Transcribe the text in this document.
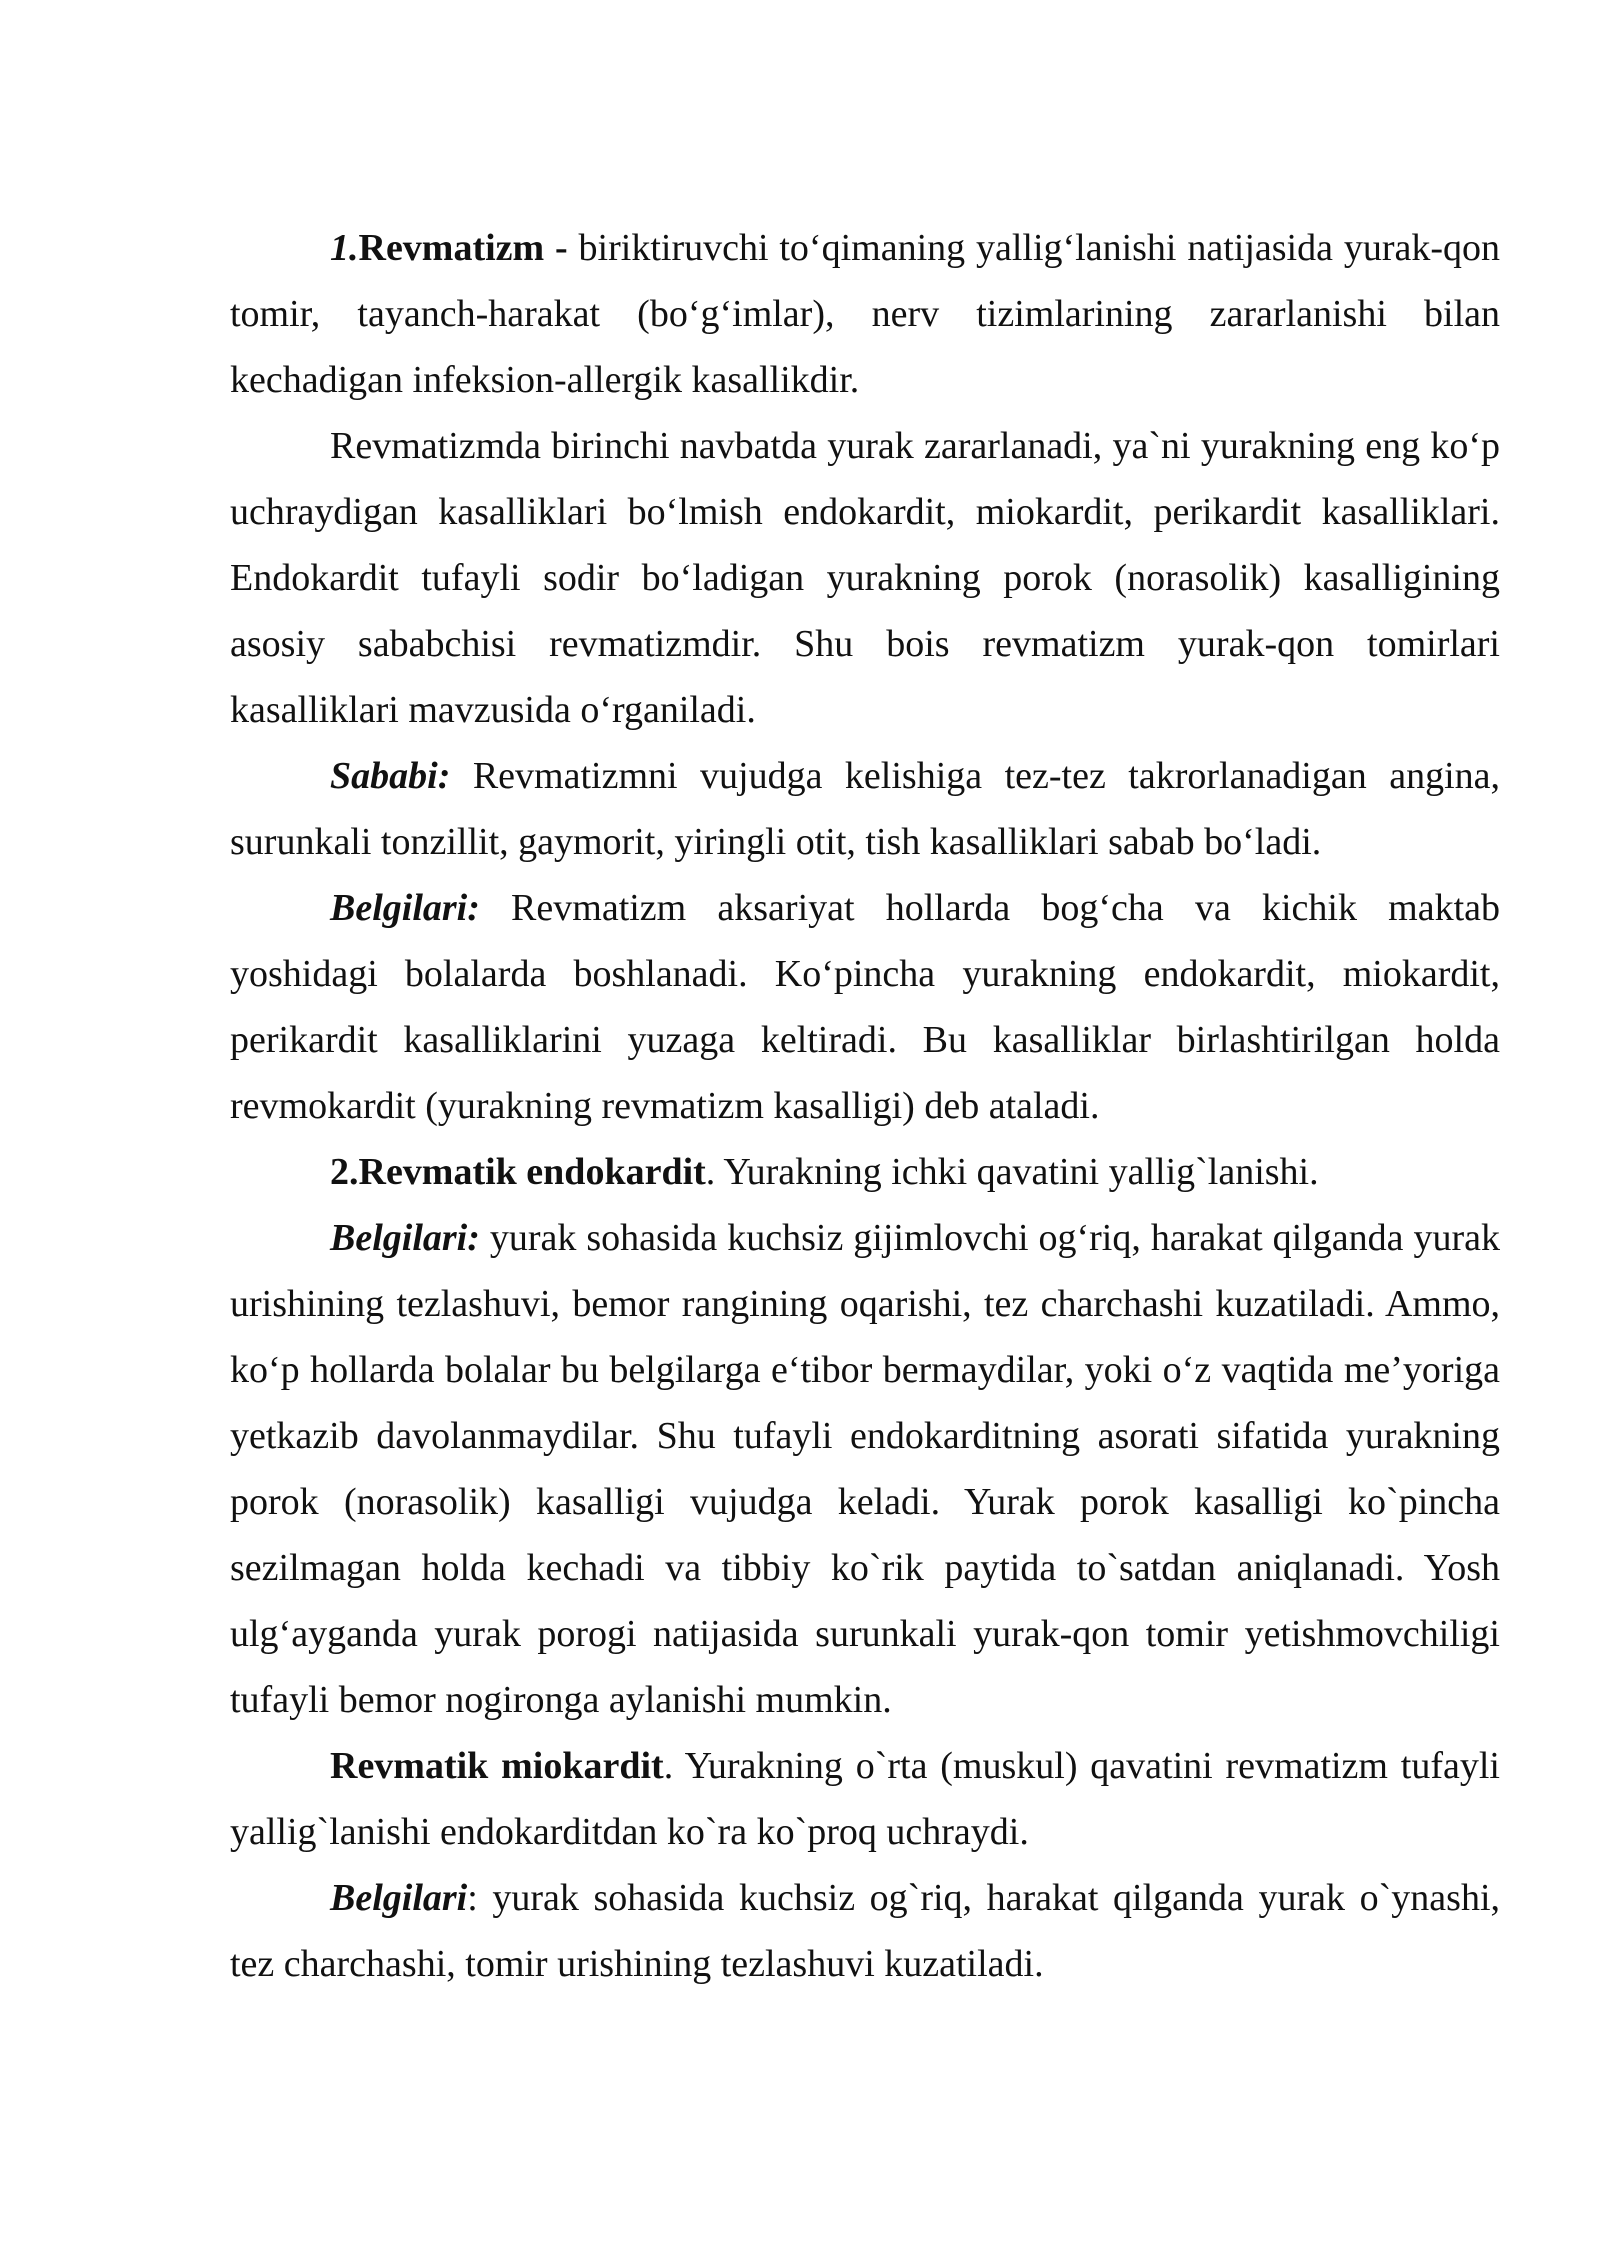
1.Revmatizm - biriktiruvchi to‘qimaning yallig‘lanishi natijasida yurak-qon tomir, tayanch-harakat (bo‘g‘imlar), nerv tizimlarining zararlanishi bilan kechadigan infeksion-allergik kasallikdir.

Revmatizmda birinchi navbatda yurak zararlanadi, ya`ni yurakning eng ko‘p uchraydigan kasalliklari bo‘lmish endokardit, miokardit, perikardit kasalliklari. Endokardit tufayli sodir bo‘ladigan yurakning porok (norasolik) kasalligining asosiy sababchisi revmatizmdir. Shu bois revmatizm yurak-qon tomirlari kasalliklari mavzusida o‘rganiladi.

Sababi: Revmatizmni vujudga kelishiga tez-tez takrorlanadigan angina, surunkali tonzillit, gaymorit, yiringli otit, tish kasalliklari sabab bo‘ladi.

Belgilari: Revmatizm aksariyat hollarda bog‘cha va kichik maktab yoshidagi bolalarda boshlanadi. Ko‘pincha yurakning endokardit, miokardit, perikardit kasalliklarini yuzaga keltiradi. Bu kasalliklar birlashtirilgan holda revmokardit (yurakning revmatizm kasalligi) deb ataladi.

2.Revmatik endokardit. Yurakning ichki qavatini yallig`lanishi.

Belgilari: yurak sohasida kuchsiz gijimlovchi og‘riq, harakat qilganda yurak urishining tezlashuvi, bemor rangining oqarishi, tez charchashi kuzatiladi. Ammo, ko‘p hollarda bolalar bu belgilarga e‘tibor bermaydilar, yoki o‘z vaqtida me’yoriga yetkazib davolanmaydilar. Shu tufayli endokarditning asorati sifatida yurakning porok (norasolik) kasalligi vujudga keladi. Yurak porok kasalligi ko`pincha sezilmagan holda kechadi va tibbiy ko`rik paytida to`satdan aniqlanadi. Yosh ulg‘ayganda yurak porogi natijasida surunkali yurak-qon tomir yetishmovchiligi tufayli bemor nogironga aylanishi mumkin.

Revmatik miokardit. Yurakning o`rta (muskul) qavatini revmatizm tufayli yallig`lanishi endokarditdan ko`ra ko`proq uchraydi.

Belgilari: yurak sohasida kuchsiz og`riq, harakat qilganda yurak o`ynashi, tez charchashi, tomir urishining tezlashuvi kuzatiladi.
